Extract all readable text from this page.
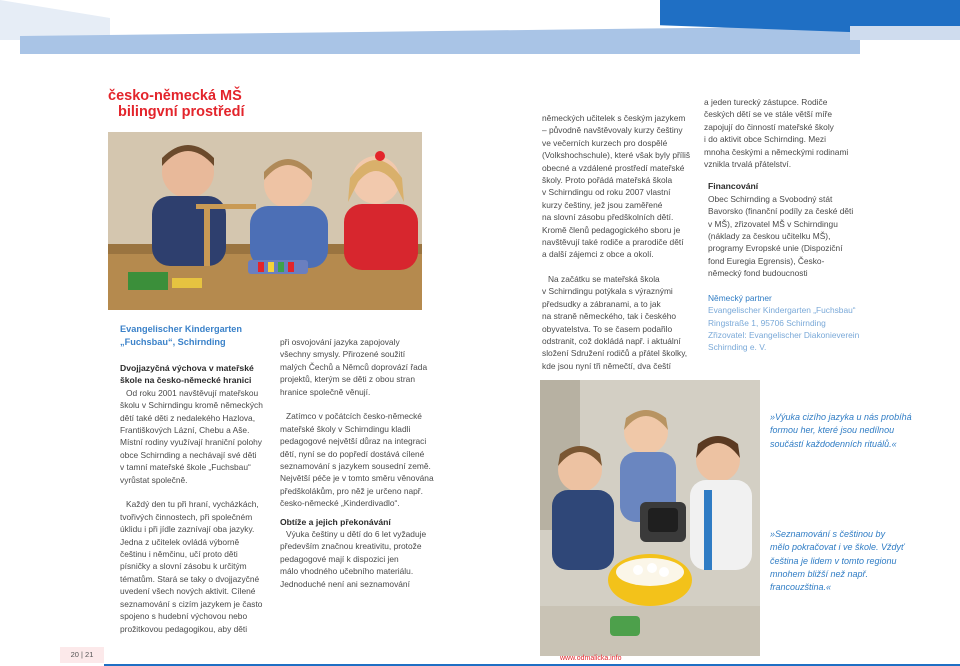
česko-německá MŠ
bilingvní prostředí
Evangelischer Kindergarten
„Fuchsbau“, Schirnding
Dvojjazyčná výchova v mateřské
škole na česko-německé hranici
Od roku 2001 navštěvují mateřskou
školu v Schirndingu kromě německých
dětí také děti z nedalekého Hazlova,
Františkových Lázní, Chebu a Aše.
Místní rodiny využívají hraniční polohy
obce Schirnding a nechávají své děti
v tamní mateřské škole „Fuchsbau“
vyrůstat společně.
Každý den tu při hraní, vycházkách,
tvořivých činnostech, při společném
úklidu i při jídle zaznívají oba jazyky.
Jedna z učitelek ovládá výborně
češtinu i němčinu, učí proto děti
písničky a slovní zásobu k určitým
tématům. Stará se taky o dvojjazyčné
uvedení všech nových aktivit. Cílené
seznamování s cizím jazykem je často
spojeno s hudební výchovou nebo
prožitkovou pedagogikou, aby děti
při osvojování jazyka zapojovaly
všechny smysly. Přirozené soužití
malých Čechů a Němců doprovází řada
projektů, kterým se děti z obou stran
hranice společně věnují.
Zatímco v počátcích česko-německé
mateřské školy v Schirndingu kladli
pedagogové největší důraz na integraci
dětí, nyní se do popředí dostává cílené
seznamování s jazykem sousední země.
Největší péče je v tomto směru věnována
předškolákům, pro něž je určeno např.
česko-německé „Kinderdivadlo“.
Obtíže a jejich překonávání
Výuka češtiny u dětí do 6 let vyžaduje
především značnou kreativitu, protože
pedagogové mají k dispozici jen
málo vhodného učebního materiálu.
Jednoduché není ani seznamování
německých učitelek s českým jazykem
– původně navštěvovaly kurzy češtiny
ve večerních kurzech pro dospělé
(Volkshochschule), které však byly příliš
obecné a vzdálené prostředí mateřské
školy. Proto pořádá mateřská škola
v Schirndingu od roku 2007 vlastní
kurzy češtiny, jež jsou zaměřené
na slovní zásobu předškolních dětí.
Kromě členů pedagogického sboru je
navštěvují také rodiče a prarodiče dětí
a další zájemci z obce a okolí.
Na začátku se mateřská škola
v Schirndingu potýkala s výraznými
předsudky a zábranami, a to jak
na straně německého, tak i českého
obyvatelstva. To se časem podařilo
odstranit, což dokládá např. i aktuální
složení Sdružení rodičů a přátel školky,
kde jsou nyní tři němečtí, dva čeští
a jeden turecký zástupce. Rodiče
českých dětí se ve stále větší míře
zapojují do činností mateřské školy
i do aktivit obce Schirnding. Mezi
mnoha českými a německými rodinami
vznikla trvalá přátelství.
Financování
Obec Schirnding a Svobodný stát
Bavorsko (finanční podíly za české děti
v MŠ), zřizovatel MŠ v Schirndingu
(náklady za českou učitelku MŠ),
programy Evropské unie (Dispoziční
fond Euregia Egrensis), Česko-
německý fond budoucnosti
Německý partner
Evangelischer Kindergarten „Fuchsbau“
Ringstraße 1, 95706 Schirnding
Zřizovatel: Evangelischer Diakonieverein
Schirnding e. V.
»Výuka cizího jazyka u nás probíhá
formou her, které jsou nedílnou
součástí každodenních rituálů.«
»Seznamování s češtinou by
mělo pokračovat i ve škole. Vždyť
čeština je lidem v tomto regionu
mnohem bližší než např.
francouzština.«
20 | 21	www.odmalicka.info
